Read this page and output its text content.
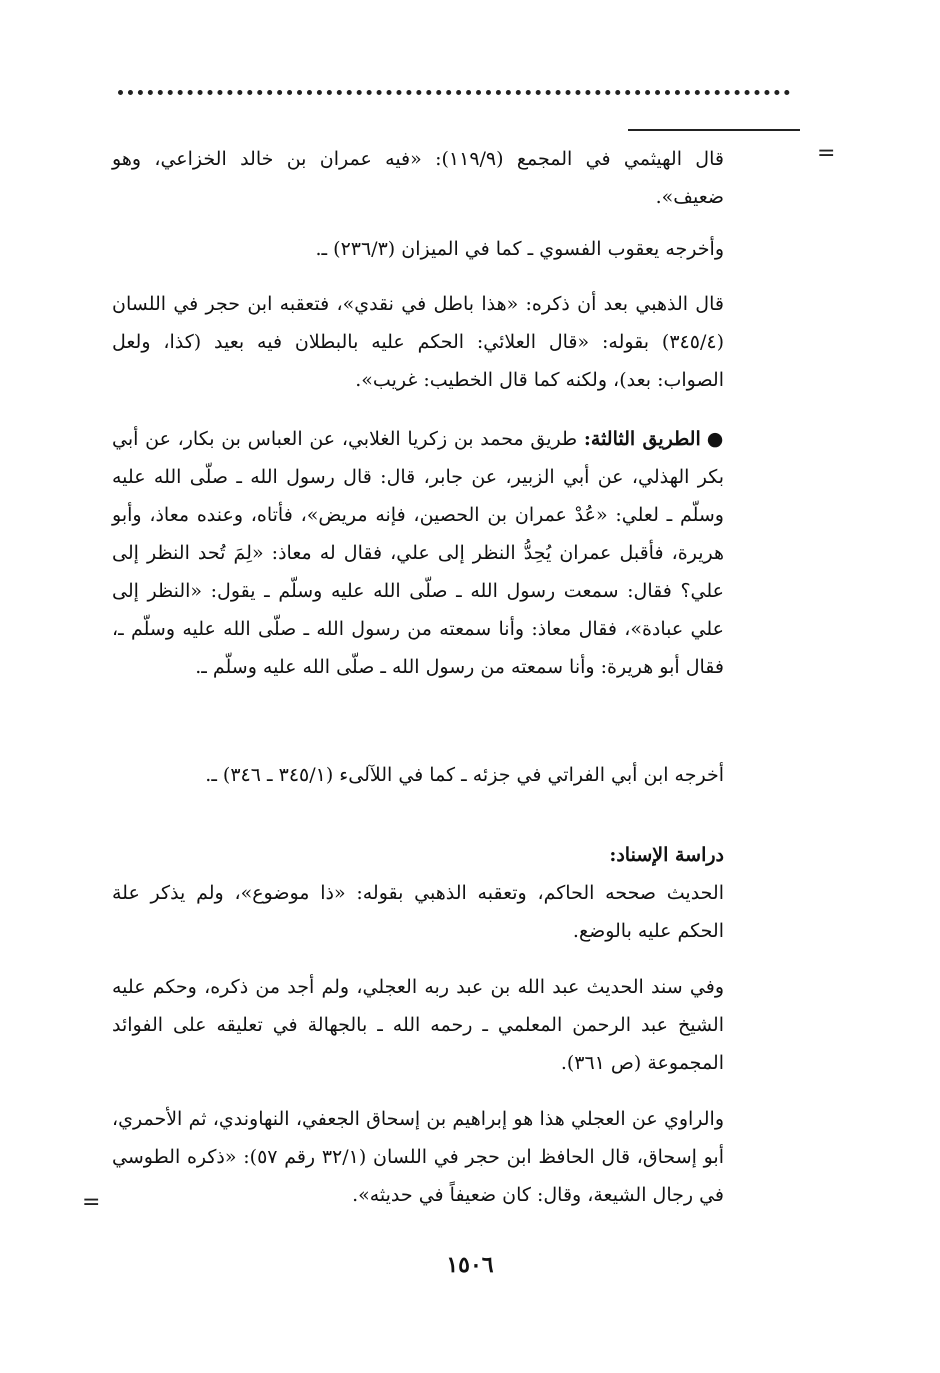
=

قال الهيثمي في المجمع (١١٩/٩): «فيه عمران بن خالد الخزاعي، وهو ضعيف».

وأخرجه يعقوب الفسوي ـ كما في الميزان (٢٣٦/٣) ـ.

قال الذهبي بعد أن ذكره: «هذا باطل في نقدي»، فتعقبه ابن حجر في اللسان (٣٤٥/٤) بقوله: «قال العلائي: الحكم عليه بالبطلان فيه بعيد (كذا، ولعل الصواب: بعد)، ولكنه كما قال الخطيب: غريب».

●الطريق الثالثة: طريق محمد بن زكريا الغلابي، عن العباس بن بكار، عن أبي بكر الهذلي، عن أبي الزبير، عن جابر، قال: قال رسول الله ـ صلّى الله عليه وسلّم ـ لعلي: «عُدْ عمران بن الحصين، فإنه مريض»، فأتاه، وعنده معاذ، وأبو هريرة، فأقبل عمران يُحِدُّ النظر إلى علي، فقال له معاذ: «لِمَ تُحد النظر إلى علي؟ فقال: سمعت رسول الله ـ صلّى الله عليه وسلّم ـ يقول: «النظر إلى علي عبادة»، فقال معاذ: وأنا سمعته من رسول الله ـ صلّى الله عليه وسلّم ـ، فقال أبو هريرة: وأنا سمعته من رسول الله ـ صلّى الله عليه وسلّم ـ.

أخرجه ابن أبي الفراتي في جزئه ـ كما في اللآلىء (٣٤٥/١ ـ ٣٤٦) ـ.

دراسة الإسناد:

الحديث صححه الحاكم، وتعقبه الذهبي بقوله: «ذا موضوع»، ولم يذكر علة الحكم عليه بالوضع.

وفي سند الحديث عبد الله بن عبد ربه العجلي، ولم أجد من ذكره، وحكم عليه الشيخ عبد الرحمن المعلمي ـ رحمه الله ـ بالجهالة في تعليقه على الفوائد المجموعة (ص ٣٦١).

والراوي عن العجلي هذا هو إبراهيم بن إسحاق الجعفي، النهاوندي، ثم الأحمري، أبو إسحاق، قال الحافظ ابن حجر في اللسان (٣٢/١ رقم ٥٧): «ذكره الطوسي في رجال الشيعة، وقال: كان ضعيفاً في حديثه».

=
١٥٠٦
